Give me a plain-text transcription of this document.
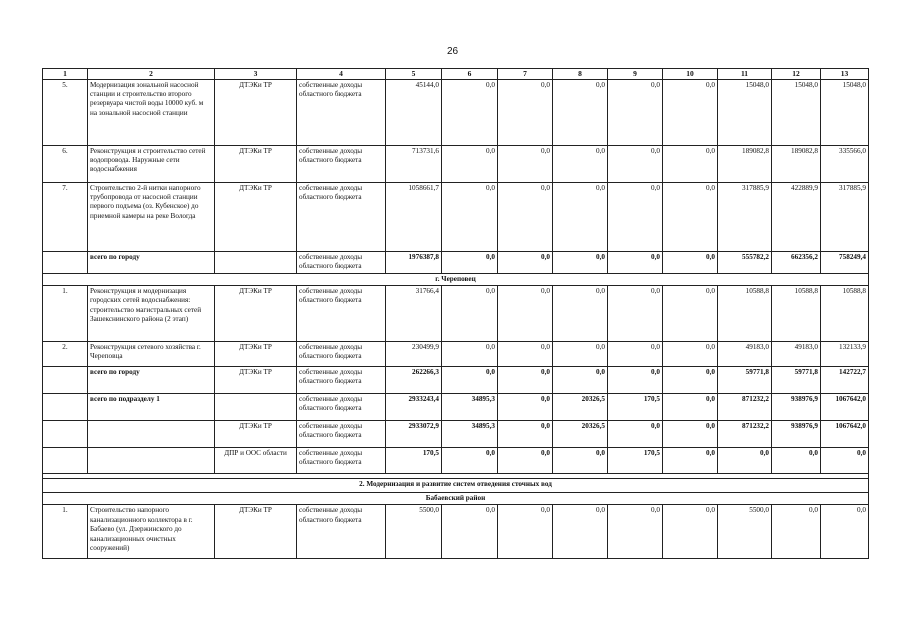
26
1	2	3	4	5	6	7	8	9	10	11	12	13
5.	Модернизация зональной насосной станции и строительство второго резервуара чистой воды 10000 куб. м на зональной насосной станции	ДТЭКи ТР	собственные доходы областного бюджета	45144,0	0,0	0,0	0,0	0,0	0,0	15048,0	15048,0	15048,0
6.	Реконструкция и строительство сетей водопровода. Наружные сети водоснабжения	ДТЭКи ТР	собственные доходы областного бюджета	713731,6	0,0	0,0	0,0	0,0	0,0	189082,8	189082,8	335566,0
7.	Строительство 2-й нитки напорного трубопровода от насосной станции первого подъема (оз. Кубенское) до приемной камеры на реке Вологда	ДТЭКи ТР	собственные доходы областного бюджета	1058661,7	0,0	0,0	0,0	0,0	0,0	317885,9	422889,9	317885,9
	всего по городу		собственные доходы областного бюджета	1976387,8	0,0	0,0	0,0	0,0	0,0	555782,2	662356,2	758249,4
г. Череповец												
1.	Реконструкция и модернизация городских сетей водоснабжения: строительство магистральных сетей Зашекснинского района (2 этап)	ДТЭКи ТР	собственные доходы областного бюджета	31766,4	0,0	0,0	0,0	0,0	0,0	10588,8	10588,8	10588,8
2.	Реконструкция сетевого хозяйства г. Череповца	ДТЭКи ТР	собственные доходы областного бюджета	230499,9	0,0	0,0	0,0	0,0	0,0	49183,0	49183,0	132133,9
	всего по городу	ДТЭКи ТР	собственные доходы областного бюджета	262266,3	0,0	0,0	0,0	0,0	0,0	59771,8	59771,8	142722,7
	всего по подразделу 1		собственные доходы областного бюджета	2933243,4	34895,3	0,0	20326,5	170,5	0,0	871232,2	938976,9	1067642,0
		ДТЭКи ТР	собственные доходы областного бюджета	2933072,9	34895,3	0,0	20326,5	0,0	0,0	871232,2	938976,9	1067642,0
		ДПР и ООС области	собственные доходы областного бюджета	170,5	0,0	0,0	0,0	170,5	0,0	0,0	0,0	0,0

2. Модернизация и развитие систем отведения сточных вод												
Бабаевский район												
1.	Строительство напорного канализационного коллектора в г. Бабаево (ул. Дзержинского до канализационных очистных сооружений)	ДТЭКи ТР	собственные доходы областного бюджета	5500,0	0,0	0,0	0,0	0,0	0,0	5500,0	0,0	0,0
